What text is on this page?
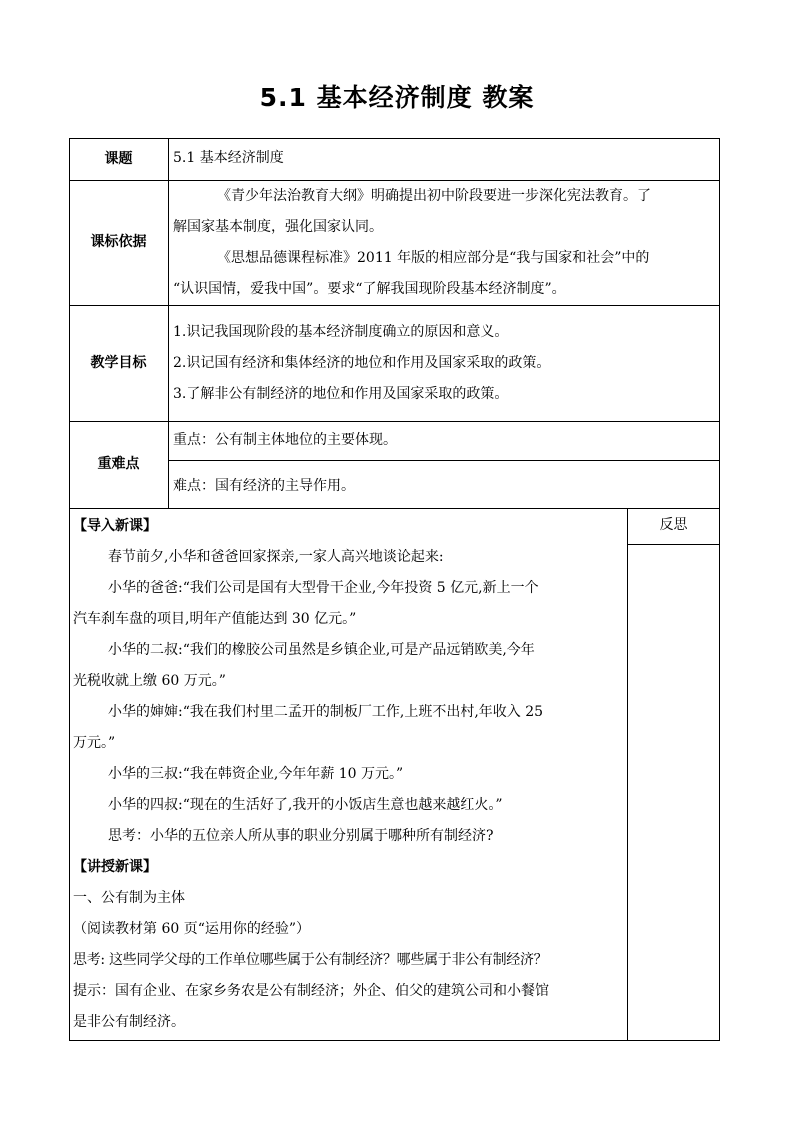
5.1 基本经济制度 教案
课题	5.1 基本经济制度
课标依据
《青少年法治教育大纲》明确提出初中阶段要进一步深化宪法教育。了
解国家基本制度，强化国家认同。
《思想品德课程标准》2011 年版的相应部分是“我与国家和社会”中的
“认识国情，爱我中国”。要求“了解我国现阶段基本经济制度”。
教学目标
1.识记我国现阶段的基本经济制度确立的原因和意义。
2.识记国有经济和集体经济的地位和作用及国家采取的政策。
3.了解非公有制经济的地位和作用及国家采取的政策。
重难点
重点：公有制主体地位的主要体现。
难点：国有经济的主导作用。
反思
【导入新课】
春节前夕,小华和爸爸回家探亲,一家人高兴地谈论起来:
小华的爸爸:“我们公司是国有大型骨干企业,今年投资 5 亿元,新上一个
汽车刹车盘的项目,明年产值能达到 30 亿元。”
小华的二叔:“我们的橡胶公司虽然是乡镇企业,可是产品远销欧美,今年
光税收就上缴 60 万元。”
小华的婶婶:“我在我们村里二孟开的制板厂工作,上班不出村,年收入 25
万元。”
小华的三叔:“我在韩资企业,今年年薪 10 万元。”
小华的四叔:“现在的生活好了,我开的小饭店生意也越来越红火。”
思考：小华的五位亲人所从事的职业分别属于哪种所有制经济?
【讲授新课】
一、公有制为主体
（阅读教材第 60 页“运用你的经验”）
思考: 这些同学父母的工作单位哪些属于公有制经济？哪些属于非公有制经济？
提示：国有企业、在家乡务农是公有制经济；外企、伯父的建筑公司和小餐馆
是非公有制经济。
